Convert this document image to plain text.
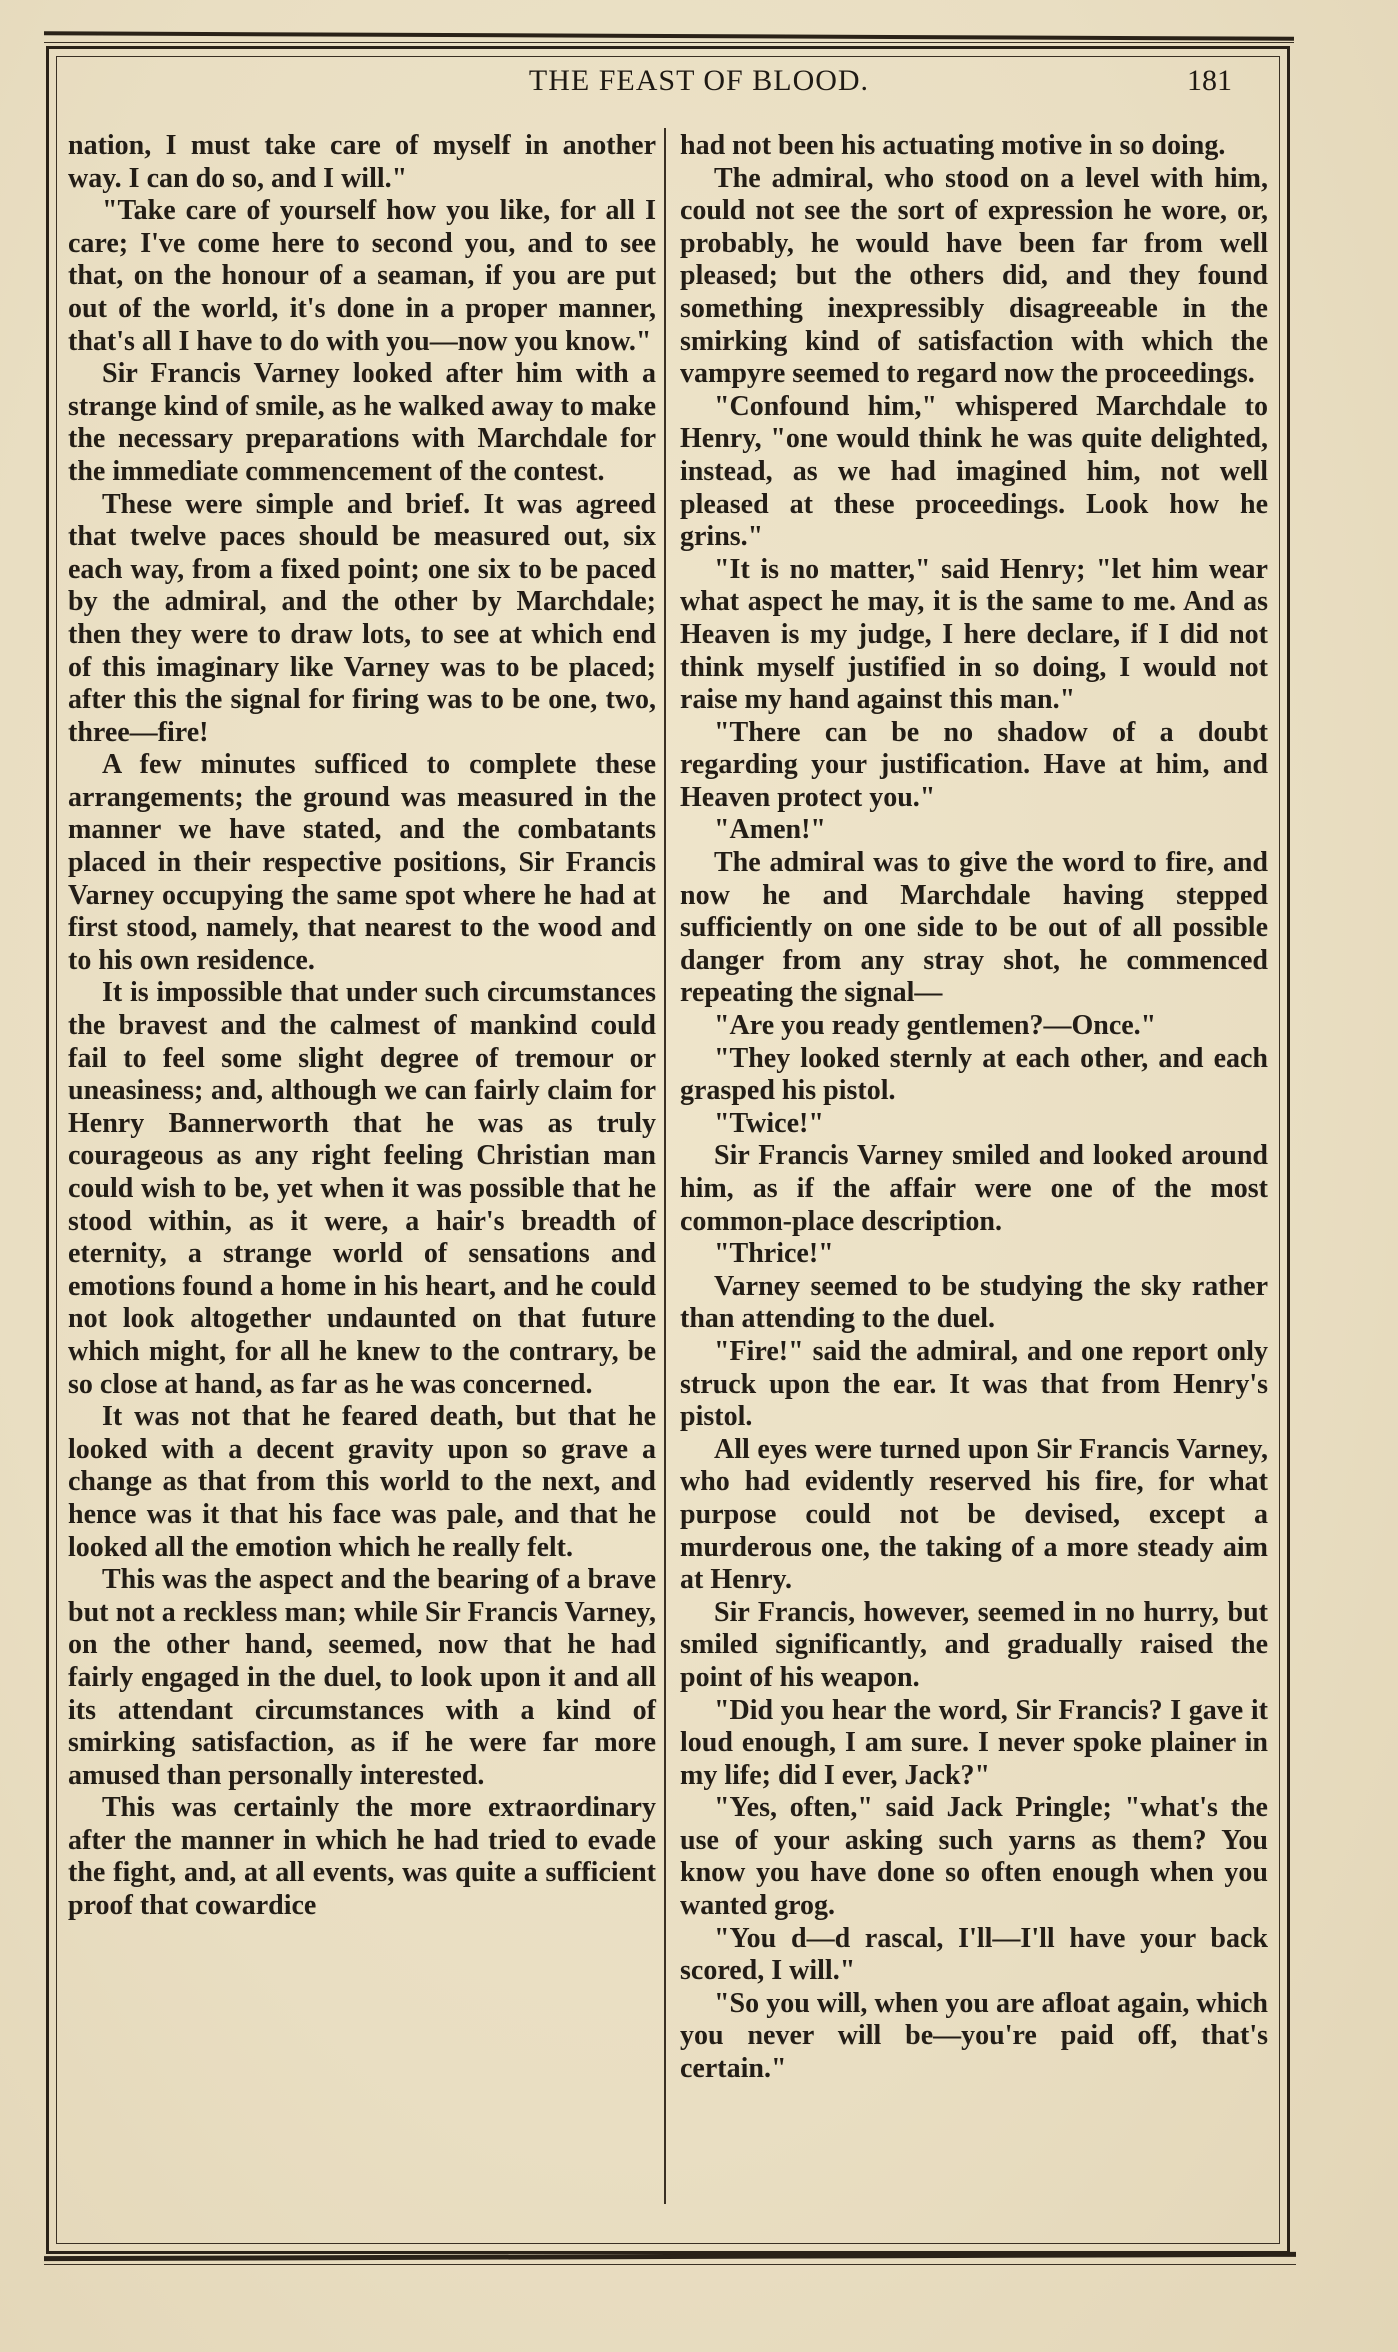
THE FEAST OF BLOOD.	181

nation, I must take care of myself in another way. I can do so, and I will."

"Take care of yourself how you like, for all I care; I've come here to second you, and to see that, on the honour of a seaman, if you are put out of the world, it's done in a proper manner, that's all I have to do with you—now you know."

Sir Francis Varney looked after him with a strange kind of smile, as he walked away to make the necessary preparations with Marchdale for the immediate commencement of the contest.

These were simple and brief. It was agreed that twelve paces should be measured out, six each way, from a fixed point; one six to be paced by the admiral, and the other by Marchdale; then they were to draw lots, to see at which end of this imaginary like Varney was to be placed; after this the signal for firing was to be one, two, three—fire!

A few minutes sufficed to complete these arrangements; the ground was measured in the manner we have stated, and the combatants placed in their respective positions, Sir Francis Varney occupying the same spot where he had at first stood, namely, that nearest to the wood and to his own residence.

It is impossible that under such circumstances the bravest and the calmest of mankind could fail to feel some slight degree of tremour or uneasiness; and, although we can fairly claim for Henry Bannerworth that he was as truly courageous as any right feeling Christian man could wish to be, yet when it was possible that he stood within, as it were, a hair's breadth of eternity, a strange world of sensations and emotions found a home in his heart, and he could not look altogether undaunted on that future which might, for all he knew to the contrary, be so close at hand, as far as he was concerned.

It was not that he feared death, but that he looked with a decent gravity upon so grave a change as that from this world to the next, and hence was it that his face was pale, and that he looked all the emotion which he really felt.

This was the aspect and the bearing of a brave but not a reckless man; while Sir Francis Varney, on the other hand, seemed, now that he had fairly engaged in the duel, to look upon it and all its attendant circumstances with a kind of smirking satisfaction, as if he were far more amused than personally interested.

This was certainly the more extraordinary after the manner in which he had tried to evade the fight, and, at all events, was quite a sufficient proof that cowardice

had not been his actuating motive in so doing.

The admiral, who stood on a level with him, could not see the sort of expression he wore, or, probably, he would have been far from well pleased; but the others did, and they found something inexpressibly disagreeable in the smirking kind of satisfaction with which the vampyre seemed to regard now the proceedings.

"Confound him," whispered Marchdale to Henry, "one would think he was quite delighted, instead, as we had imagined him, not well pleased at these proceedings. Look how he grins."

"It is no matter," said Henry; "let him wear what aspect he may, it is the same to me. And as Heaven is my judge, I here declare, if I did not think myself justified in so doing, I would not raise my hand against this man."

"There can be no shadow of a doubt regarding your justification. Have at him, and Heaven protect you."

"Amen!"

The admiral was to give the word to fire, and now he and Marchdale having stepped sufficiently on one side to be out of all possible danger from any stray shot, he commenced repeating the signal—

"Are you ready gentlemen?—Once."

"They looked sternly at each other, and each grasped his pistol.

"Twice!"

Sir Francis Varney smiled and looked around him, as if the affair were one of the most common-place description.

"Thrice!"

Varney seemed to be studying the sky rather than attending to the duel.

"Fire!" said the admiral, and one report only struck upon the ear. It was that from Henry's pistol.

All eyes were turned upon Sir Francis Varney, who had evidently reserved his fire, for what purpose could not be devised, except a murderous one, the taking of a more steady aim at Henry.

Sir Francis, however, seemed in no hurry, but smiled significantly, and gradually raised the point of his weapon.

"Did you hear the word, Sir Francis? I gave it loud enough, I am sure. I never spoke plainer in my life; did I ever, Jack?"

"Yes, often," said Jack Pringle; "what's the use of your asking such yarns as them? You know you have done so often enough when you wanted grog.

"You d—d rascal, I'll—I'll have your back scored, I will."

"So you will, when you are afloat again, which you never will be—you're paid off, that's certain."
